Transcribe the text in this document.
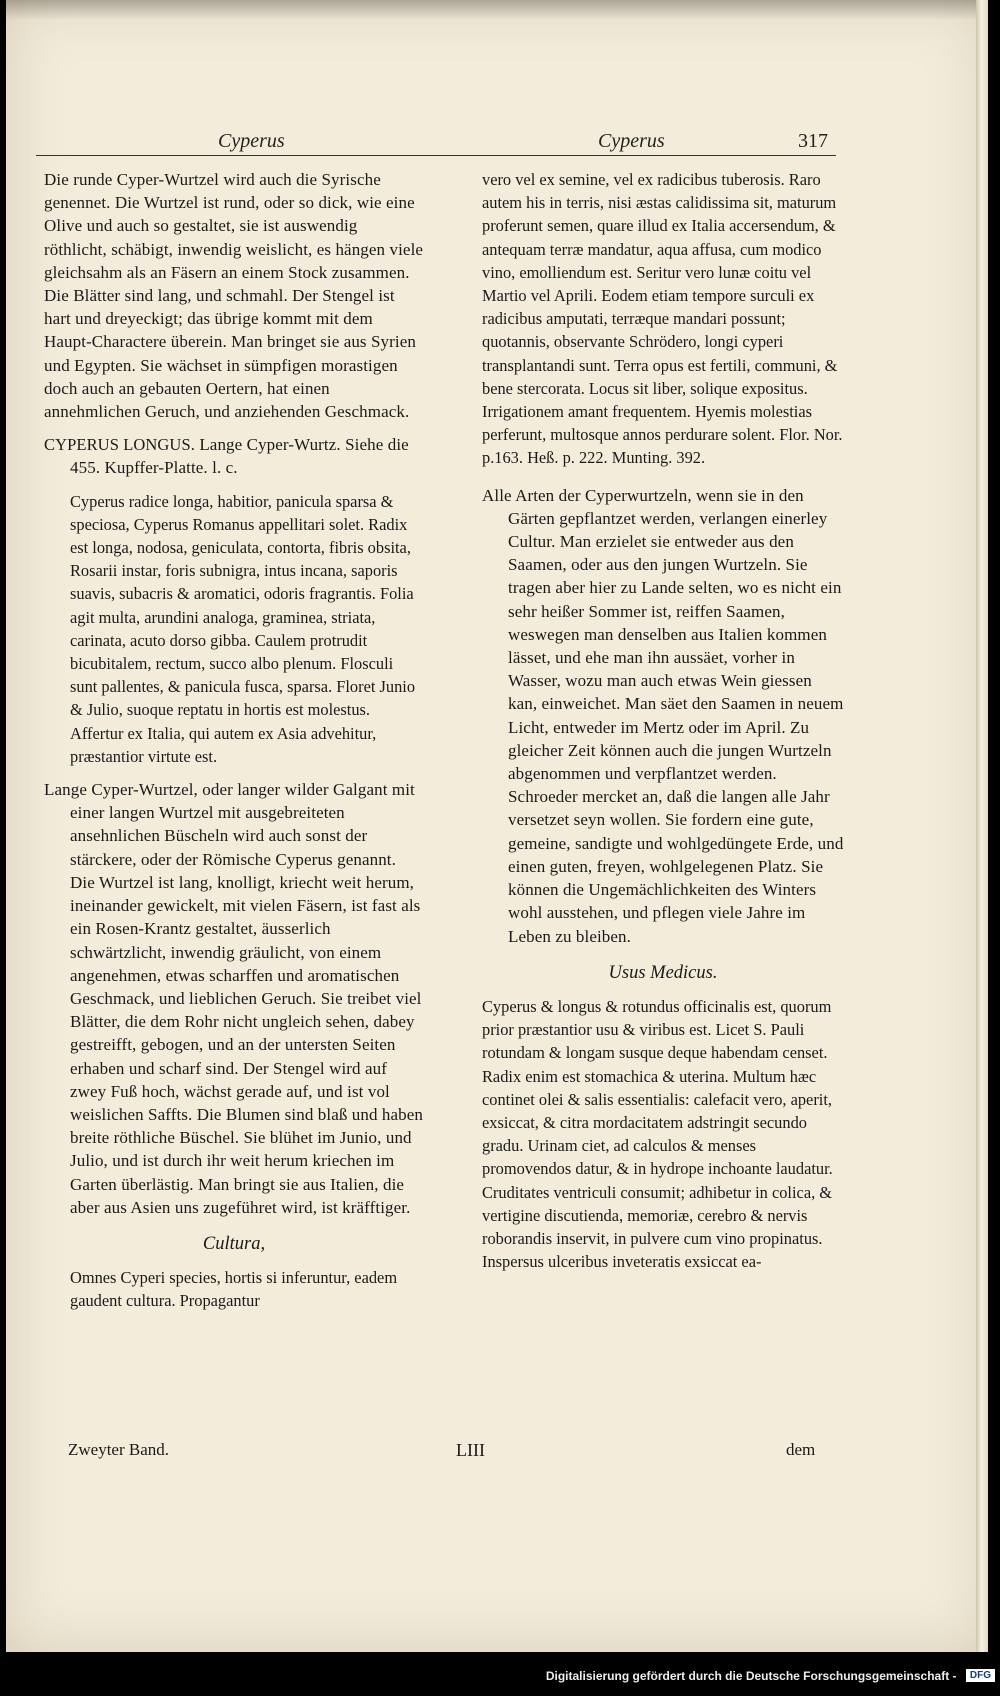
Cyperus	Cyperus	317

Die runde Cyper-Wurtzel wird auch die Syrische genennet. Die Wurtzel ist rund, oder so dick, wie eine Olive und auch so gestaltet, sie ist auswendig röthlicht, schäbigt, inwendig weislicht, es hängen viele gleichsahm als an Fäsern an einem Stock zusammen. Die Blätter sind lang, und schmahl. Der Stengel ist hart und dreyeckigt; das übrige kommt mit dem Haupt-Charactere überein. Man bringet sie aus Syrien und Egypten. Sie wächset in sümpfigen morastigen doch auch an gebauten Oertern, hat einen annehmlichen Geruch, und anziehenden Geschmack.

CYPERUS LONGUS. Lange Cyper-Wurtz. Siehe die 455. Kupffer-Platte. l. c.

Cyperus radice longa, habitior, panicula sparsa & speciosa, Cyperus Romanus appellitari solet. Radix est longa, nodosa, geniculata, contorta, fibris obsita, Rosarii instar, foris subnigra, intus incana, saporis suavis, subacris & aromatici, odoris fragrantis. Folia agit multa, arundini analoga, graminea, striata, carinata, acuto dorso gibba. Caulem protrudit bicubitalem, rectum, succo albo plenum. Flosculi sunt pallentes, & panicula fusca, sparsa. Floret Junio & Julio, suoque reptatu in hortis est molestus. Affertur ex Italia, qui autem ex Asia advehitur, præstantior virtute est.

Lange Cyper-Wurtzel, oder langer wilder Galgant mit einer langen Wurtzel mit ausgebreiteten ansehnlichen Büscheln wird auch sonst der stärckere, oder der Römische Cyperus genannt. Die Wurtzel ist lang, knolligt, kriecht weit herum, ineinander gewickelt, mit vielen Fäsern, ist fast als ein Rosen-Krantz gestaltet, äusserlich schwärtzlicht, inwendig gräulicht, von einem angenehmen, etwas scharffen und aromatischen Geschmack, und lieblichen Geruch. Sie treibet viel Blätter, die dem Rohr nicht ungleich sehen, dabey gestreifft, gebogen, und an der untersten Seiten erhaben und scharf sind. Der Stengel wird auf zwey Fuß hoch, wächst gerade auf, und ist vol weislichen Saffts. Die Blumen sind blaß und haben breite röthliche Büschel. Sie blühet im Junio, und Julio, und ist durch ihr weit herum kriechen im Garten überlästig. Man bringt sie aus Italien, die aber aus Asien uns zugeführet wird, ist kräfftiger.

Cultura,

Omnes Cyperi species, hortis si inferuntur, eadem gaudent cultura. Propagantur

vero vel ex semine, vel ex radicibus tuberosis. Raro autem his in terris, nisi æstas calidissima sit, maturum proferunt semen, quare illud ex Italia accersendum, & antequam terræ mandatur, aqua affusa, cum modico vino, emolliendum est. Seritur vero lunæ coitu vel Martio vel Aprili. Eodem etiam tempore surculi ex radicibus amputati, terræque mandari possunt; quotannis, observante Schrödero, longi cyperi transplantandi sunt. Terra opus est fertili, communi, & bene stercorata. Locus sit liber, solique expositus. Irrigationem amant frequentem. Hyemis molestias perferunt, multosque annos perdurare solent. Flor. Nor. p.163. Heß. p. 222. Munting. 392.

Alle Arten der Cyperwurtzeln, wenn sie in den Gärten gepflantzet werden, verlangen einerley Cultur. Man erzielet sie entweder aus den Saamen, oder aus den jungen Wurtzeln. Sie tragen aber hier zu Lande selten, wo es nicht ein sehr heißer Sommer ist, reiffen Saamen, weswegen man denselben aus Italien kommen lässet, und ehe man ihn aussäet, vorher in Wasser, wozu man auch etwas Wein giessen kan, einweichet. Man säet den Saamen in neuem Licht, entweder im Mertz oder im April. Zu gleicher Zeit können auch die jungen Wurtzeln abgenommen und verpflantzet werden. Schroeder mercket an, daß die langen alle Jahr versetzet seyn wollen. Sie fordern eine gute, gemeine, sandigte und wohlgedüngete Erde, und einen guten, freyen, wohlgelegenen Platz. Sie können die Ungemächlichkeiten des Winters wohl ausstehen, und pflegen viele Jahre im Leben zu bleiben.

Usus Medicus.

Cyperus & longus & rotundus officinalis est, quorum prior præstantior usu & viribus est. Licet S. Pauli rotundam & longam susque deque habendam censet. Radix enim est stomachica & uterina. Multum hæc continet olei & salis essentialis: calefacit vero, aperit, exsiccat, & citra mordacitatem adstringit secundo gradu. Urinam ciet, ad calculos & menses promovendos datur, & in hydrope inchoante laudatur. Cruditates ventriculi consumit; adhibetur in colica, & vertigine discutienda, memoriæ, cerebro & nervis roborandis inservit, in pulvere cum vino propinatus. Inspersus ulceribus inveteratis exsiccat ea-

Zweyter Band.	LIII	dem
Digitalisierung gefördert durch die Deutsche Forschungsgemeinschaft - DFG
